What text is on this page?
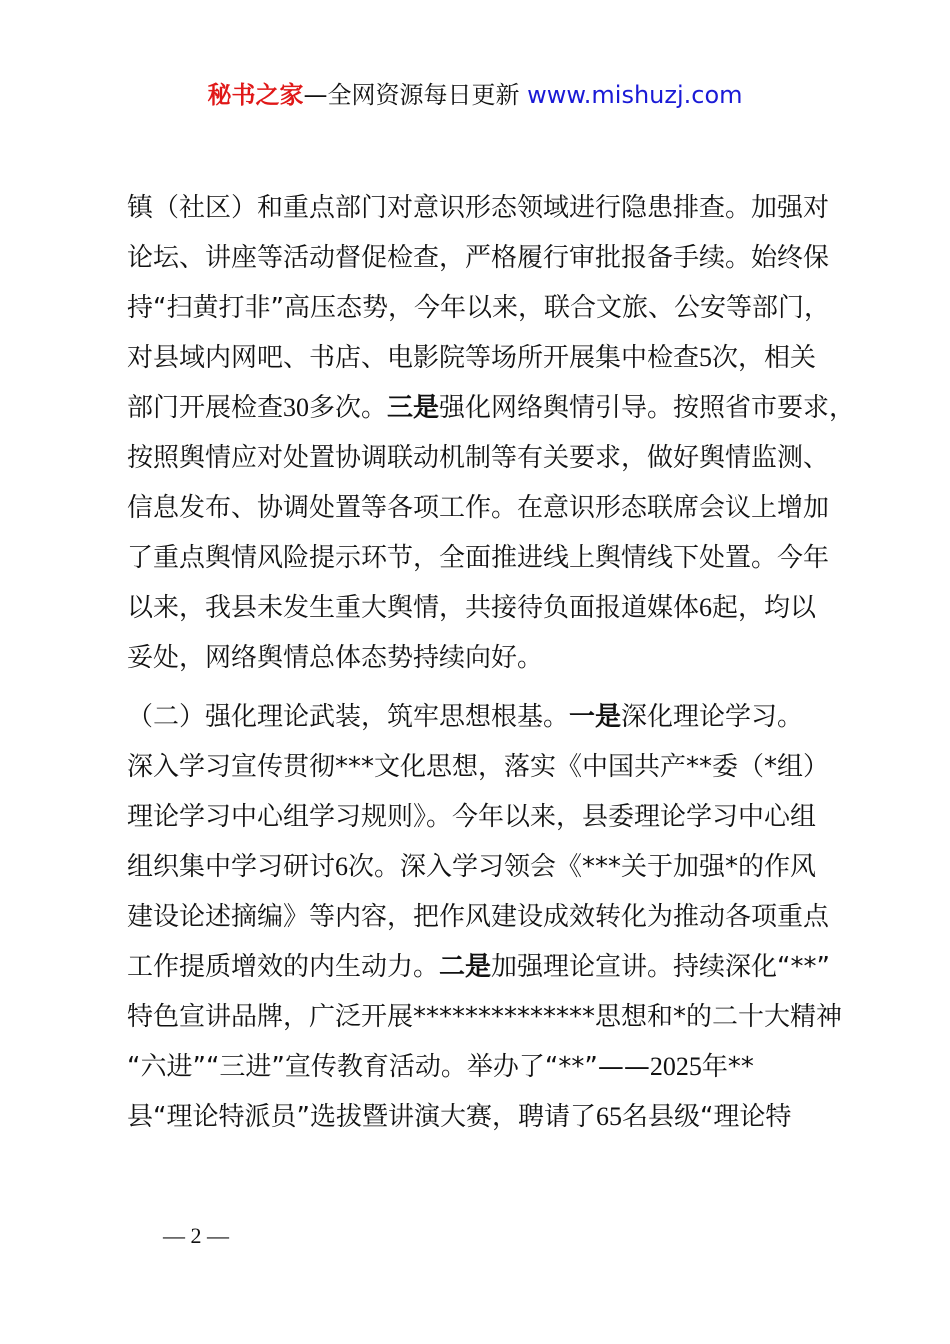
秘书之家—全网资源每日更新 www.mishuzj.com
镇（社区）和重点部门对意识形态领域进行隐患排查。加强对
论坛、讲座等活动督促检查，严格履行审批报备手续。始终保
持“扫黄打非”高压态势，今年以来，联合文旅、公安等部门，
对县域内网吧、书店、电影院等场所开展集中检查5次，相关
部门开展检查30多次。三是强化网络舆情引导。按照省市要求，
按照舆情应对处置协调联动机制等有关要求，做好舆情监测、
信息发布、协调处置等各项工作。在意识形态联席会议上增加
了重点舆情风险提示环节，全面推进线上舆情线下处置。今年
以来，我县未发生重大舆情，共接待负面报道媒体6起，均以
妥处，网络舆情总体态势持续向好。
（二）强化理论武装，筑牢思想根基。一是深化理论学习。
深入学习宣传贯彻***文化思想，落实《中国共产**委（*组）
理论学习中心组学习规则》。今年以来，县委理论学习中心组
组织集中学习研讨6次。深入学习领会《***关于加强*的作风
建设论述摘编》等内容，把作风建设成效转化为推动各项重点
工作提质增效的内生动力。二是加强理论宣讲。持续深化“**”
特色宣讲品牌，广泛开展**************思想和*的二十大精神
“六进”“三进”宣传教育活动。举办了“**”——2025年**
县“理论特派员”选拔暨讲演大赛，聘请了65名县级“理论特
— 2 —
